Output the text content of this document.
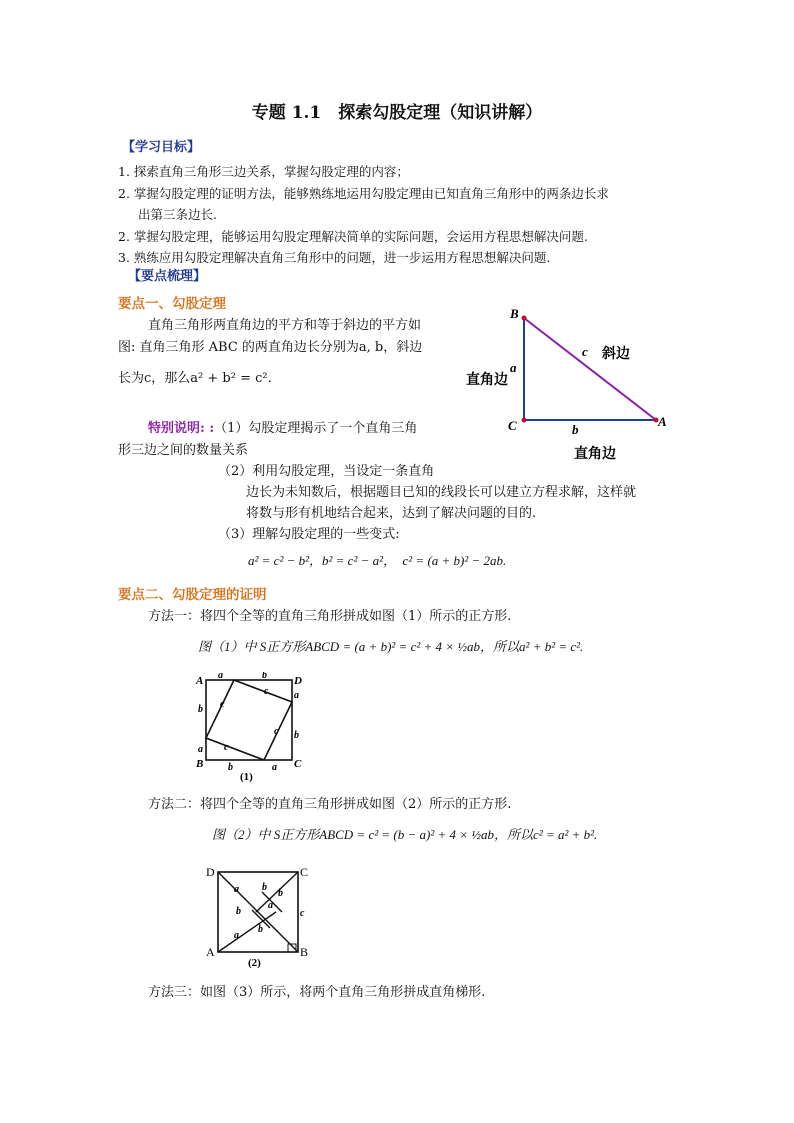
专题 1.1　探索勾股定理（知识讲解）
【学习目标】
1. 探索直角三角形三边关系，掌握勾股定理的内容；
2. 掌握勾股定理的证明方法，能够熟练地运用勾股定理由已知直角三角形中的两条边长求
出第三条边长.
2. 掌握勾股定理，能够运用勾股定理解决简单的实际问题，会运用方程思想解决问题.
3. 熟练应用勾股定理解决直角三角形中的问题，进一步运用方程思想解决问题.
【要点梳理】
要点一、勾股定理
直角三角形两直角边的平方和等于斜边的平方如
图: 直角三角形 ABC 的两直角边长分别为a, b，斜边
长为c，那么a² + b² = c².
特别说明: :（1）勾股定理揭示了一个直角三角
形三边之间的数量关系
（2）利用勾股定理，当设定一条直角
边长为未知数后，根据题目已知的线段长可以建立方程求解，这样就
将数与形有机地结合起来，达到了解决问题的目的.
（3）理解勾股定理的一些变式:
a² = c² − b²，b² = c² − a²，　c² = (a + b)² − 2ab.
B
C	A
a
b
c 斜边
直角边
直角边
要点二、勾股定理的证明
方法一：将四个全等的直角三角形拼成如图（1）所示的正方形.
图（1）中 S正方形ABCD = (a + b)² = c² + 4 × ½ab，所以a² + b² = c².
A	D
B	C
a	b
a
b
b
a
b	a
c
c
c
c
(1)
方法二：将四个全等的直角三角形拼成如图（2）所示的正方形.
图（2）中 S正方形ABCD = c² = (b − a)² + 4 × ½ab，所以c² = a² + b².
D	C
A	B
a b
b
b
a
c
a
b
(2)
方法三：如图（3）所示，将两个直角三角形拼成直角梯形.
